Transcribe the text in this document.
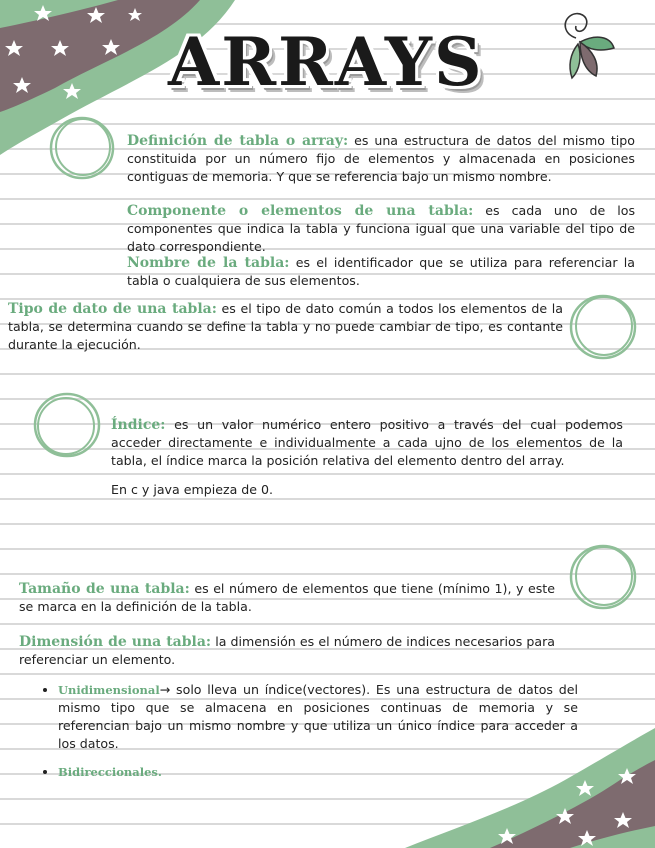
ARRAYS
Definición de tabla o array: es una estructura de datos del mismo tipo constituida por un número fijo de elementos y almacenada en posiciones contiguas de memoria. Y que se referencia bajo un mismo nombre.
Componente o elementos de una tabla: es cada uno de los componentes que indica la tabla y funciona igual que una variable del tipo de dato correspondiente.
Nombre de la tabla: es el identificador que se utiliza para referenciar la tabla o cualquiera de sus elementos.
Tipo de dato de una tabla: es el tipo de dato común a todos los elementos de la tabla, se determina cuando se define la tabla y no puede cambiar de tipo, es contante durante la ejecución.
Índice: es un valor numérico entero positivo a través del cual podemos acceder directamente e individualmente a cada ujno de los elementos de la tabla, el índice marca la posición relativa del elemento dentro del array.
En c y java empieza de 0.
Tamaño de una tabla: es el número de elementos que tiene (mínimo 1), y este se marca en la definición de la tabla.
Dimensión de una tabla: la dimensión es el número de indices necesarios para referenciar un elemento.
• Unidimensional→ solo lleva un índice(vectores). Es una estructura de datos del mismo tipo que se almacena en posiciones continuas de memoria y se referencian bajo un mismo nombre y que utiliza un único índice para acceder a los datos.
• Bidireccionales.
